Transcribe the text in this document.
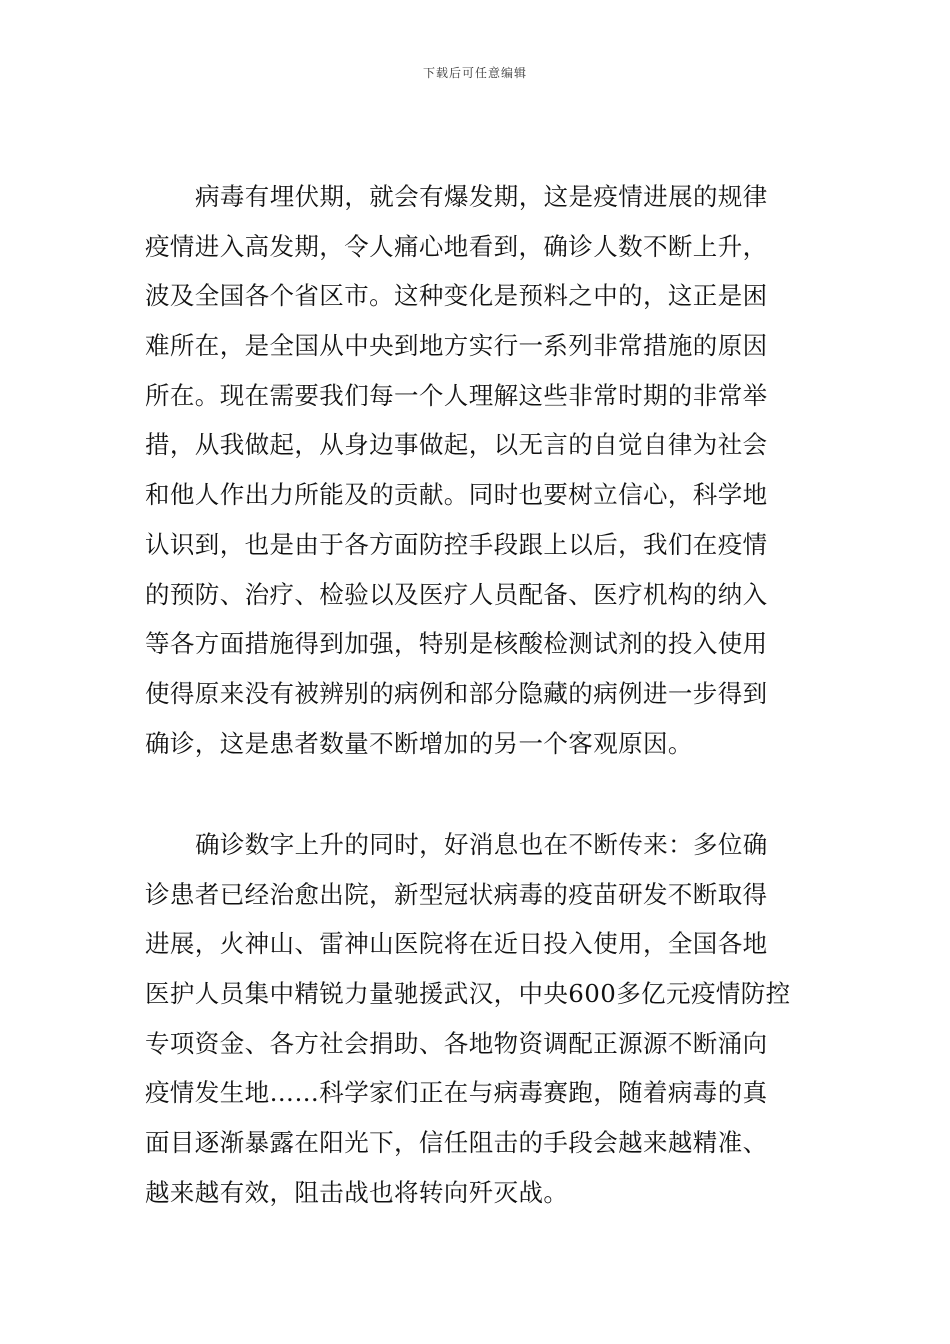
下载后可任意编辑
病毒有埋伏期，就会有爆发期，这是疫情进展的规律
疫情进入高发期，令人痛心地看到，确诊人数不断上升，
波及全国各个省区市。这种变化是预料之中的，这正是困
难所在，是全国从中央到地方实行一系列非常措施的原因
所在。现在需要我们每一个人理解这些非常时期的非常举
措，从我做起，从身边事做起，以无言的自觉自律为社会
和他人作出力所能及的贡献。同时也要树立信心，科学地
认识到，也是由于各方面防控手段跟上以后，我们在疫情
的预防、治疗、检验以及医疗人员配备、医疗机构的纳入
等各方面措施得到加强，特别是核酸检测试剂的投入使用
使得原来没有被辨别的病例和部分隐藏的病例进一步得到
确诊，这是患者数量不断增加的另一个客观原因。
确诊数字上升的同时，好消息也在不断传来：多位确
诊患者已经治愈出院，新型冠状病毒的疫苗研发不断取得
进展，火神山、雷神山医院将在近日投入使用，全国各地
医护人员集中精锐力量驰援武汉，中央600多亿元疫情防控
专项资金、各方社会捐助、各地物资调配正源源不断涌向
疫情发生地……科学家们正在与病毒赛跑，随着病毒的真
面目逐渐暴露在阳光下，信任阻击的手段会越来越精准、
越来越有效，阻击战也将转向歼灭战。
